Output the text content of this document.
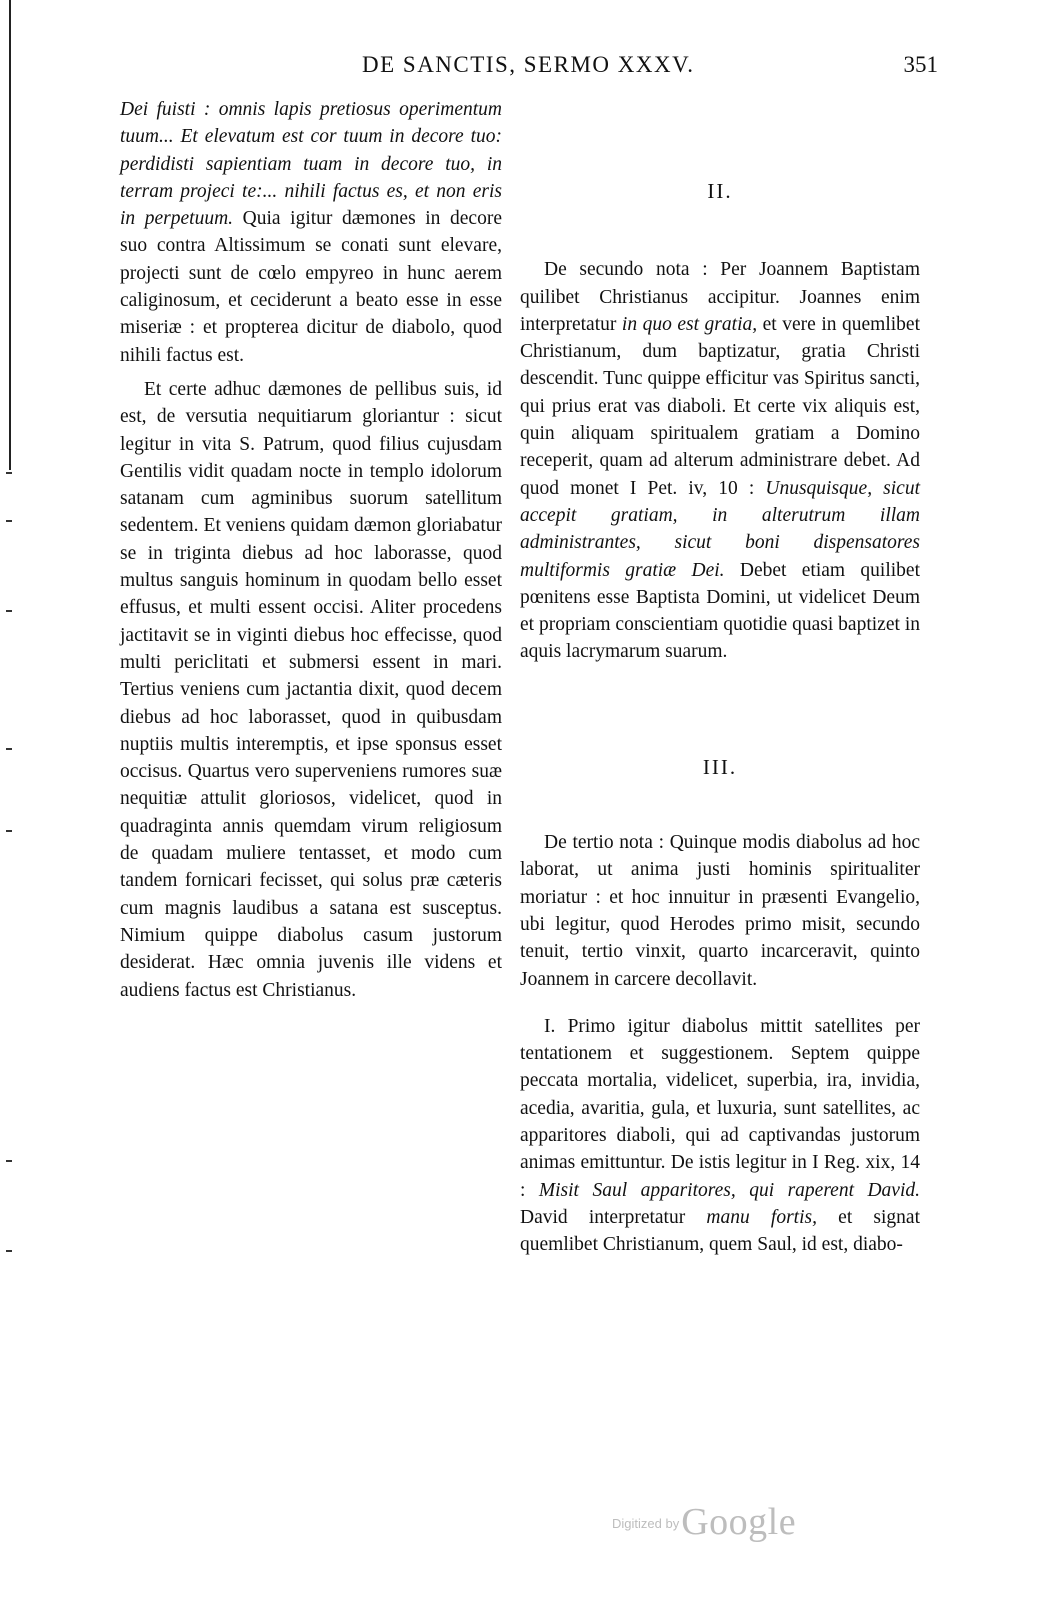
DE SANCTIS, SERMO XXXV.	351

Dei fuisti : omnis lapis pretiosus operimentum tuum... Et elevatum est cor tuum in decore tuo: perdidisti sapientiam tuam in decore tuo, in terram projeci te:... nihili factus es, et non eris in perpetuum. Quia igitur dæmones in decore suo contra Altissimum se conati sunt elevare, projecti sunt de cœlo empyreo in hunc aerem caliginosum, et ceciderunt a beato esse in esse miseriæ : et propterea dicitur de diabolo, quod nihili factus est.

Et certe adhuc dæmones de pellibus suis, id est, de versutia nequitiarum gloriantur : sicut legitur in vita S. Patrum, quod filius cujusdam Gentilis vidit quadam nocte in templo idolorum satanam cum agminibus suorum satellitum sedentem. Et veniens quidam dæmon gloriabatur se in triginta diebus ad hoc laborasse, quod multus sanguis hominum in quodam bello esset effusus, et multi essent occisi. Aliter procedens jactitavit se in viginti diebus hoc effecisse, quod multi periclitati et submersi essent in mari. Tertius veniens cum jactantia dixit, quod decem diebus ad hoc laborasset, quod in quibusdam nuptiis multis interemptis, et ipse sponsus esset occisus. Quartus vero superveniens rumores suæ nequitiæ attulit gloriosos, videlicet, quod in quadraginta annis quemdam virum religiosum de quadam muliere tentasset, et modo cum tandem fornicari fecisset, qui solus præ cæteris cum magnis laudibus a satana est susceptus. Nimium quippe diabolus casum justorum desiderat. Hæc omnia juvenis ille videns et audiens factus est Christianus.

II.

De secundo nota : Per Joannem Baptistam quilibet Christianus accipitur. Joannes enim interpretatur in quo est gratia, et vere in quemlibet Christianum, dum baptizatur, gratia Christi descendit. Tunc quippe efficitur vas Spiritus sancti, qui prius erat vas diaboli. Et certe vix aliquis est, quin aliquam spiritualem gratiam a Domino receperit, quam ad alterum administrare debet. Ad quod monet I Pet. iv, 10 : Unusquisque, sicut accepit gratiam, in alterutrum illam administrantes, sicut boni dispensatores multiformis gratiæ Dei. Debet etiam quilibet pœnitens esse Baptista Domini, ut videlicet Deum et propriam conscientiam quotidie quasi baptizet in aquis lacrymarum suarum.

III.

De tertio nota : Quinque modis diabolus ad hoc laborat, ut anima justi hominis spiritualiter moriatur : et hoc innuitur in præsenti Evangelio, ubi legitur, quod Herodes primo misit, secundo tenuit, tertio vinxit, quarto incarceravit, quinto Joannem in carcere decollavit.

I. Primo igitur diabolus mittit satellites per tentationem et suggestionem. Septem quippe peccata mortalia, videlicet, superbia, ira, invidia, acedia, avaritia, gula, et luxuria, sunt satellites, ac apparitores diaboli, qui ad captivandas justorum animas emittuntur. De istis legitur in I Reg. xix, 14 : Misit Saul apparitores, qui raperent David. David interpretatur manu fortis, et signat quemlibet Christianum, quem Saul, id est, diabo-

$^{Digitized by}$Google
